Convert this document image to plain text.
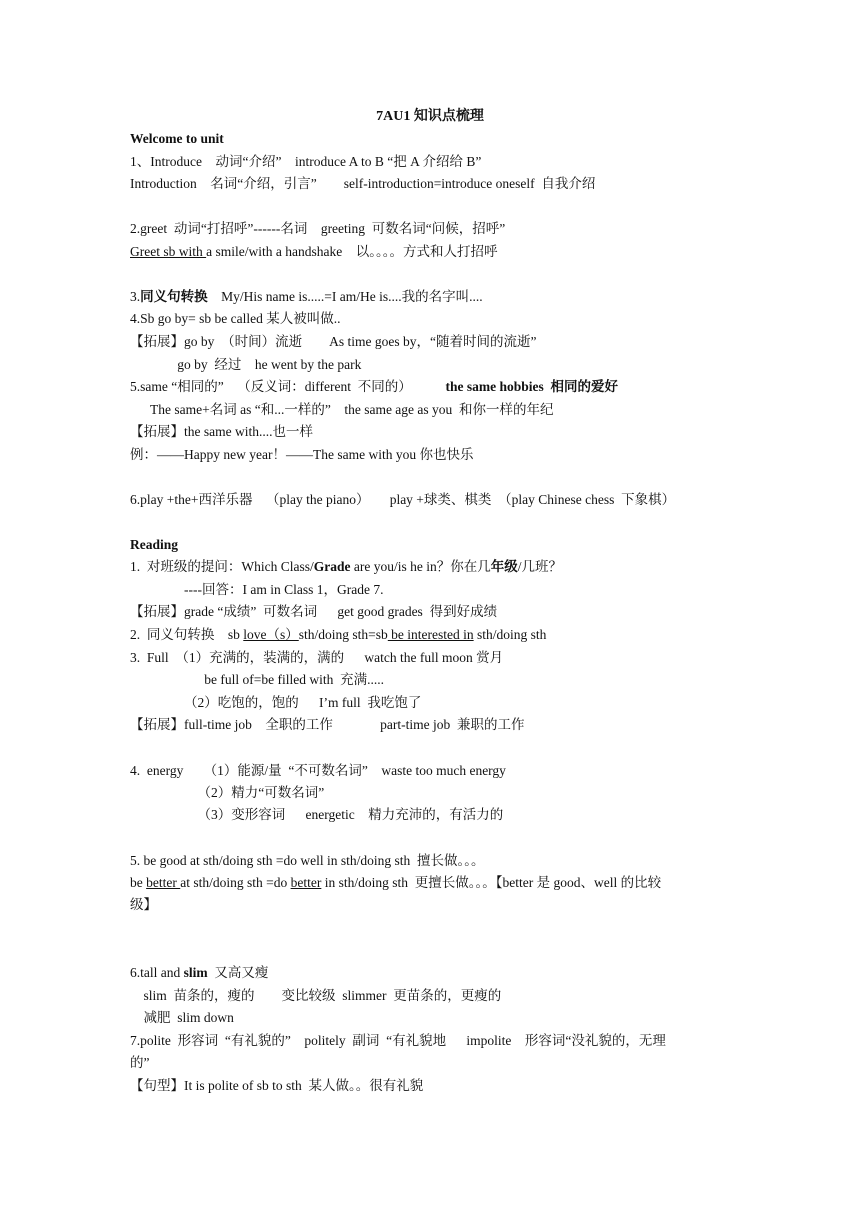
7AU1 知识点梳理
Welcome to unit
1、Introduce    动词“介绍”    introduce A to B “把 A 介绍给 B”
Introduction    名词“介绍，引言”        self-introduction=introduce oneself  自我介绍
2.greet  动词“打招呼”------名词    greeting  可数名词“问候，招呼”
Greet sb with a smile/with a handshake    以。。。。方式和人打招呼
3.同义句转换    My/His name is.....=I am/He is....我的名字叫....
4.Sb go by= sb be called 某人被叫做..
【拓展】go by  （时间）流逝        As time goes by，“随着时间的流逝”
go by  经过    he went by the park
5.same “相同的”    （反义词：different  不同的）          the same hobbies  相同的爱好
The same+名词 as “和...一样的”    the same age as you  和你一样的年纪
【拓展】the same with....也一样
例：——Happy new year！——The same with you 你也快乐
6.play +the+西洋乐器    （play the piano）      play +球类、棋类  （play Chinese chess  下象棋）
Reading
1.  对班级的提问：Which Class/Grade are you/is he in？你在几年级/几班？
----回答：I am in Class 1，Grade 7.
【拓展】grade “成绩”  可数名词      get good grades  得到好成绩
2.  同义句转换    sb love（s）sth/doing sth=sb be interested in sth/doing sth
3.  Full  （1）充满的，装满的，满的      watch the full moon 赏月
be full of=be filled with  充满.....
（2）吃饱的，饱的      I’m full  我吃饱了
【拓展】full-time job    全职的工作              part-time job  兼职的工作
4.  energy      （1）能源/量  “不可数名词”    waste too much energy
（2）精力“可数名词”
（3）变形容词      energetic    精力充沛的，有活力的
5. be good at sth/doing sth =do well in sth/doing sth  擅长做。。。
be better at sth/doing sth =do better in sth/doing sth  更擅长做。。。【better 是 good、well 的比较
级】
6.tall and slim  又高又瘦
slim  苗条的，瘦的        变比较级  slimmer  更苗条的，更瘦的
减肥  slim down
7.polite  形容词  “有礼貌的”    politely  副词  “有礼貌地      impolite    形容词“没礼貌的，无理
的”
【句型】It is polite of sb to sth  某人做。。很有礼貌
